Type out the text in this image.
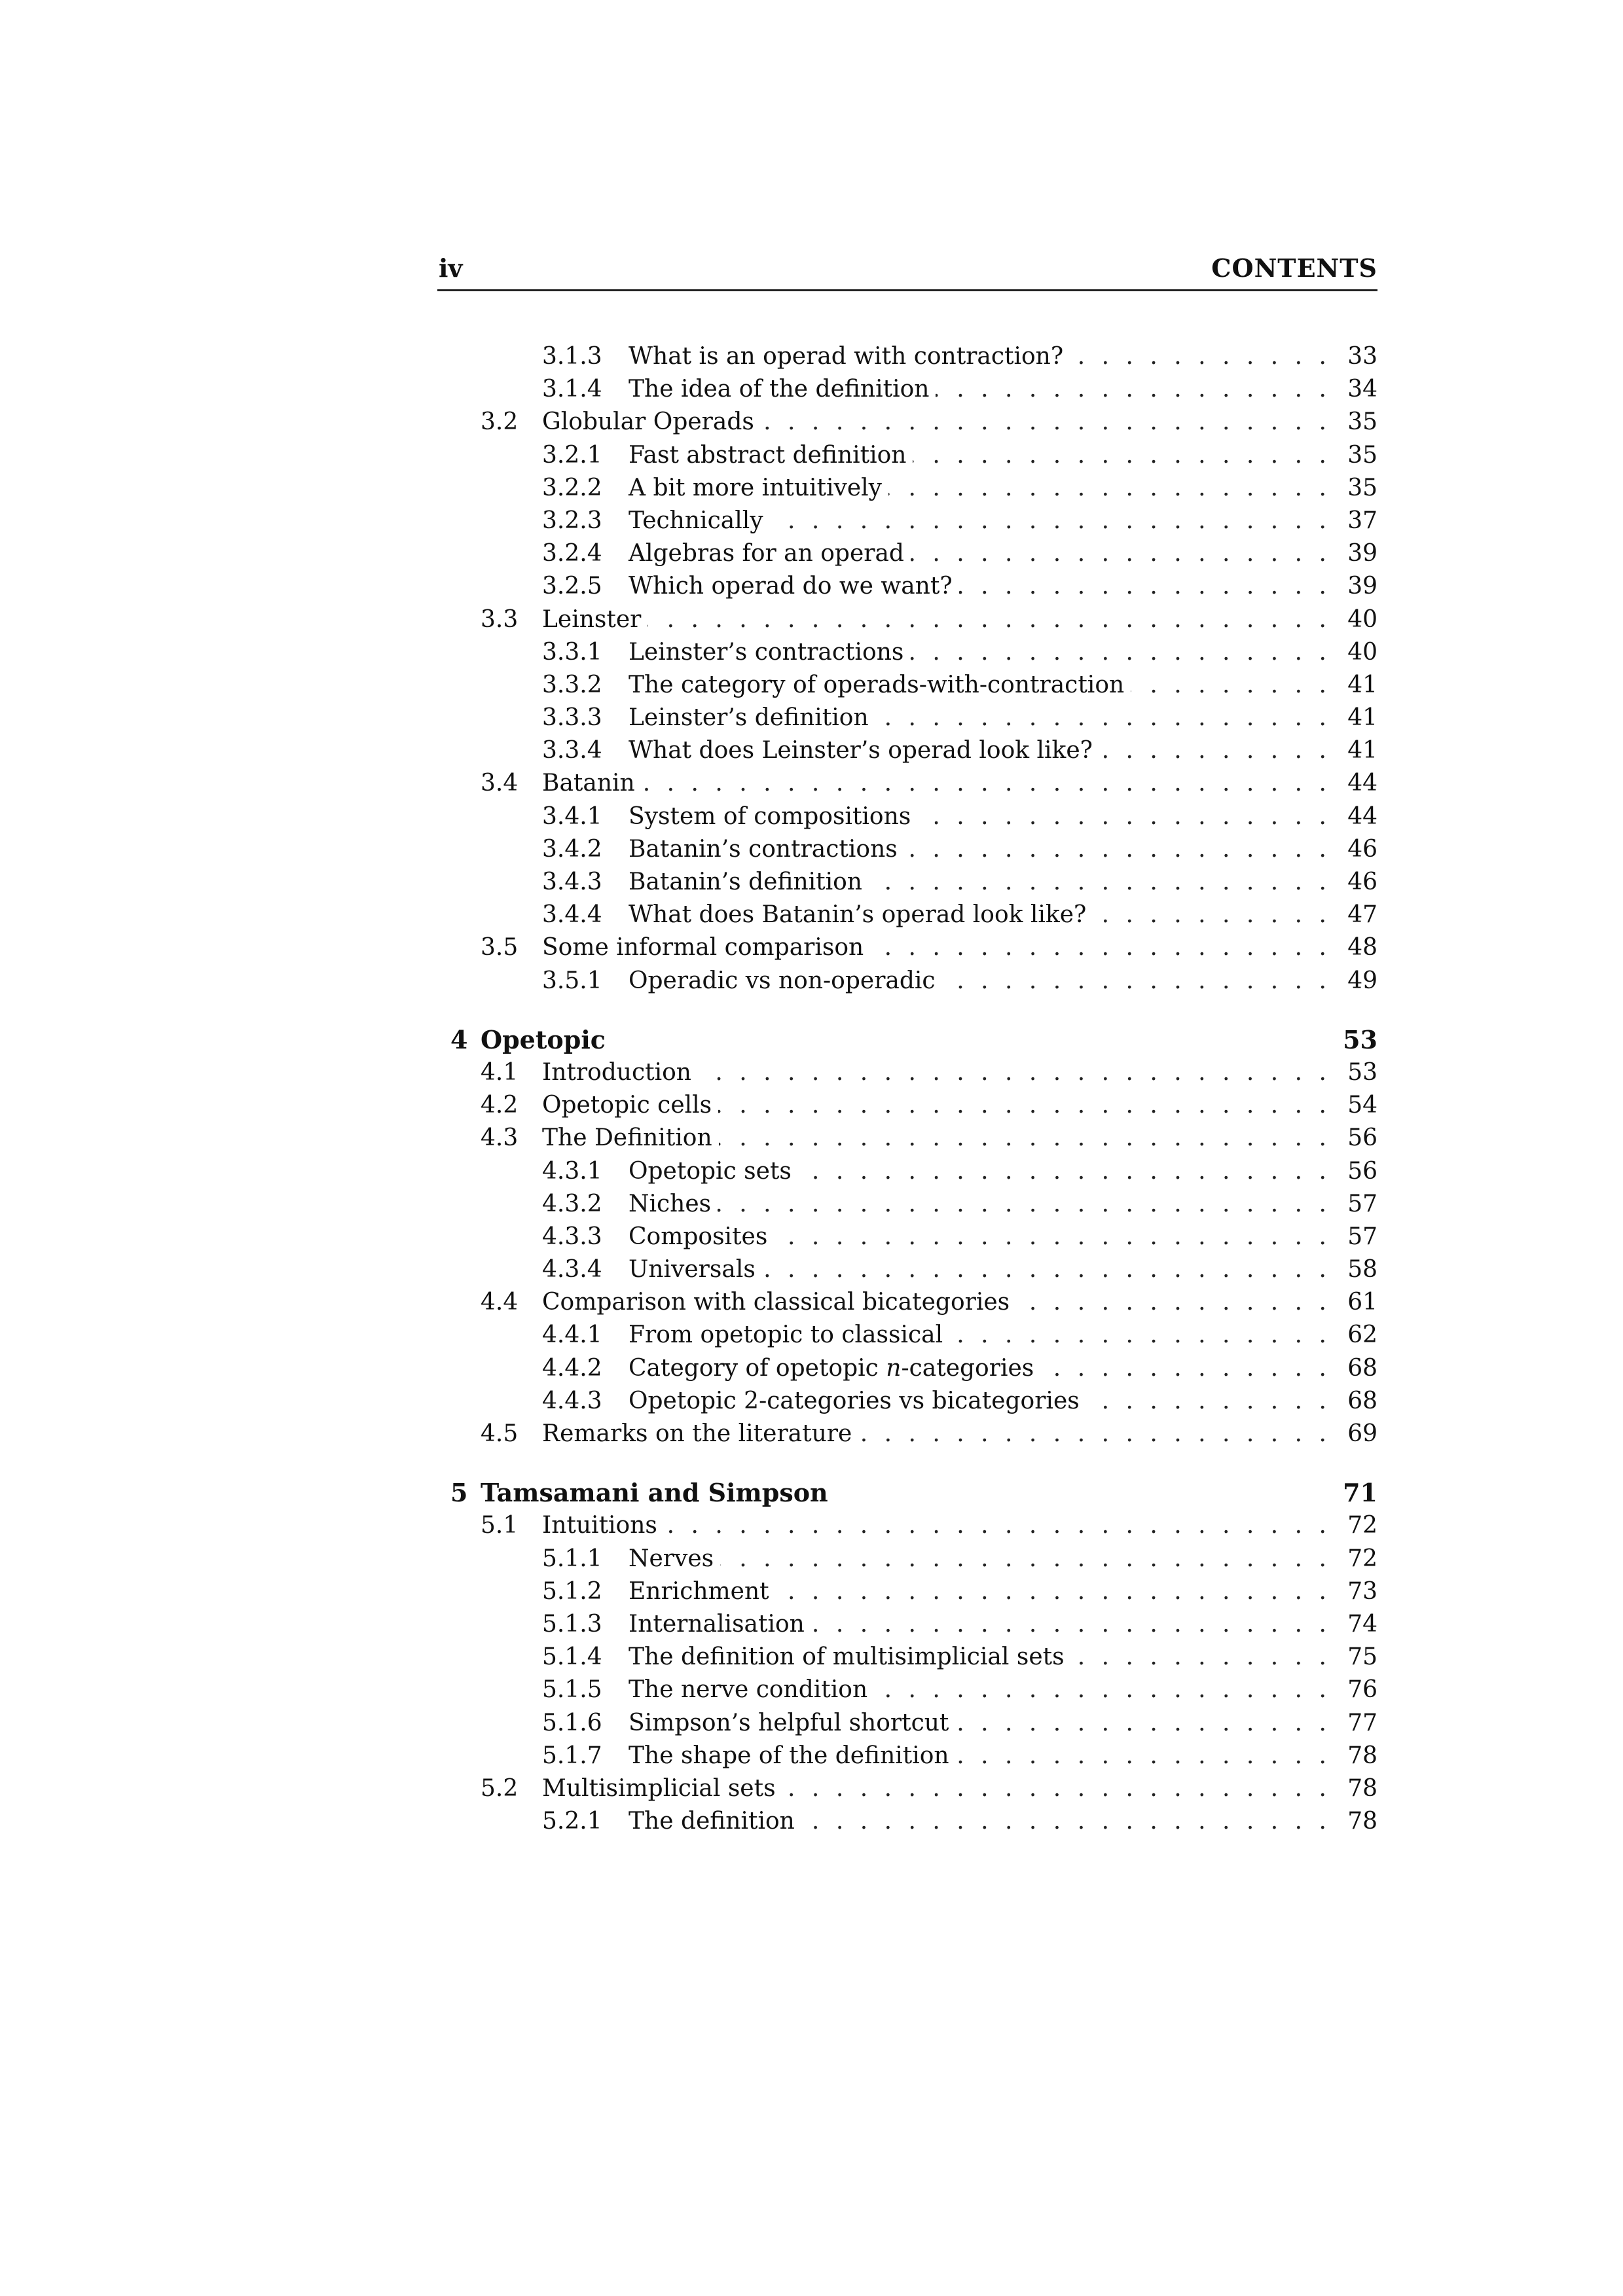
iv	CONTENTS
3.1.3 . . . What is an operad with contraction?	33
3.1.4 . . . The idea of the definition	34
3.2 . . . Globular Operads	35
3.2.1 . . . Fast abstract definition	35
3.2.2 . . . A bit more intuitively	35
3.2.3 . . . Technically	37
3.2.4 . . . Algebras for an operad	39
3.2.5 . . . Which operad do we want?	39
3.3 . . . Leinster	40
3.3.1 . . . Leinster’s contractions	40
3.3.2 . . . The category of operads-with-contraction	41
3.3.3 . . . Leinster’s definition	41
3.3.4 . . . What does Leinster’s operad look like?	41
3.4 . . . Batanin	44
3.4.1 . . . System of compositions	44
3.4.2 . . . Batanin’s contractions	46
3.4.3 . . . Batanin’s definition	46
3.4.4 . . . What does Batanin’s operad look like?	47
3.5 . . . Some informal comparison	48
3.5.1 . . . Operadic vs non-operadic	49
4 Opetopic	53
4.1 . . . Introduction	53
4.2 . . . Opetopic cells	54
4.3 . . . The Definition	56
4.3.1 . . . Opetopic sets	56
4.3.2 . . . Niches	57
4.3.3 . . . Composites	57
4.3.4 . . . Universals	58
4.4 . . . Comparison with classical bicategories	61
4.4.1 . . . From opetopic to classical	62
4.4.2 . . . Category of opetopic n-categories	68
4.4.3 . . . Opetopic 2-categories vs bicategories	68
4.5 . . . Remarks on the literature	69
5 Tamsamani and Simpson	71
5.1 . . . Intuitions	72
5.1.1 . . . Nerves	72
5.1.2 . . . Enrichment	73
5.1.3 . . . Internalisation	74
5.1.4 . . . The definition of multisimplicial sets	75
5.1.5 . . . The nerve condition	76
5.1.6 . . . Simpson’s helpful shortcut	77
5.1.7 . . . The shape of the definition	78
5.2 . . . Multisimplicial sets	78
5.2.1 . . . The definition	78
